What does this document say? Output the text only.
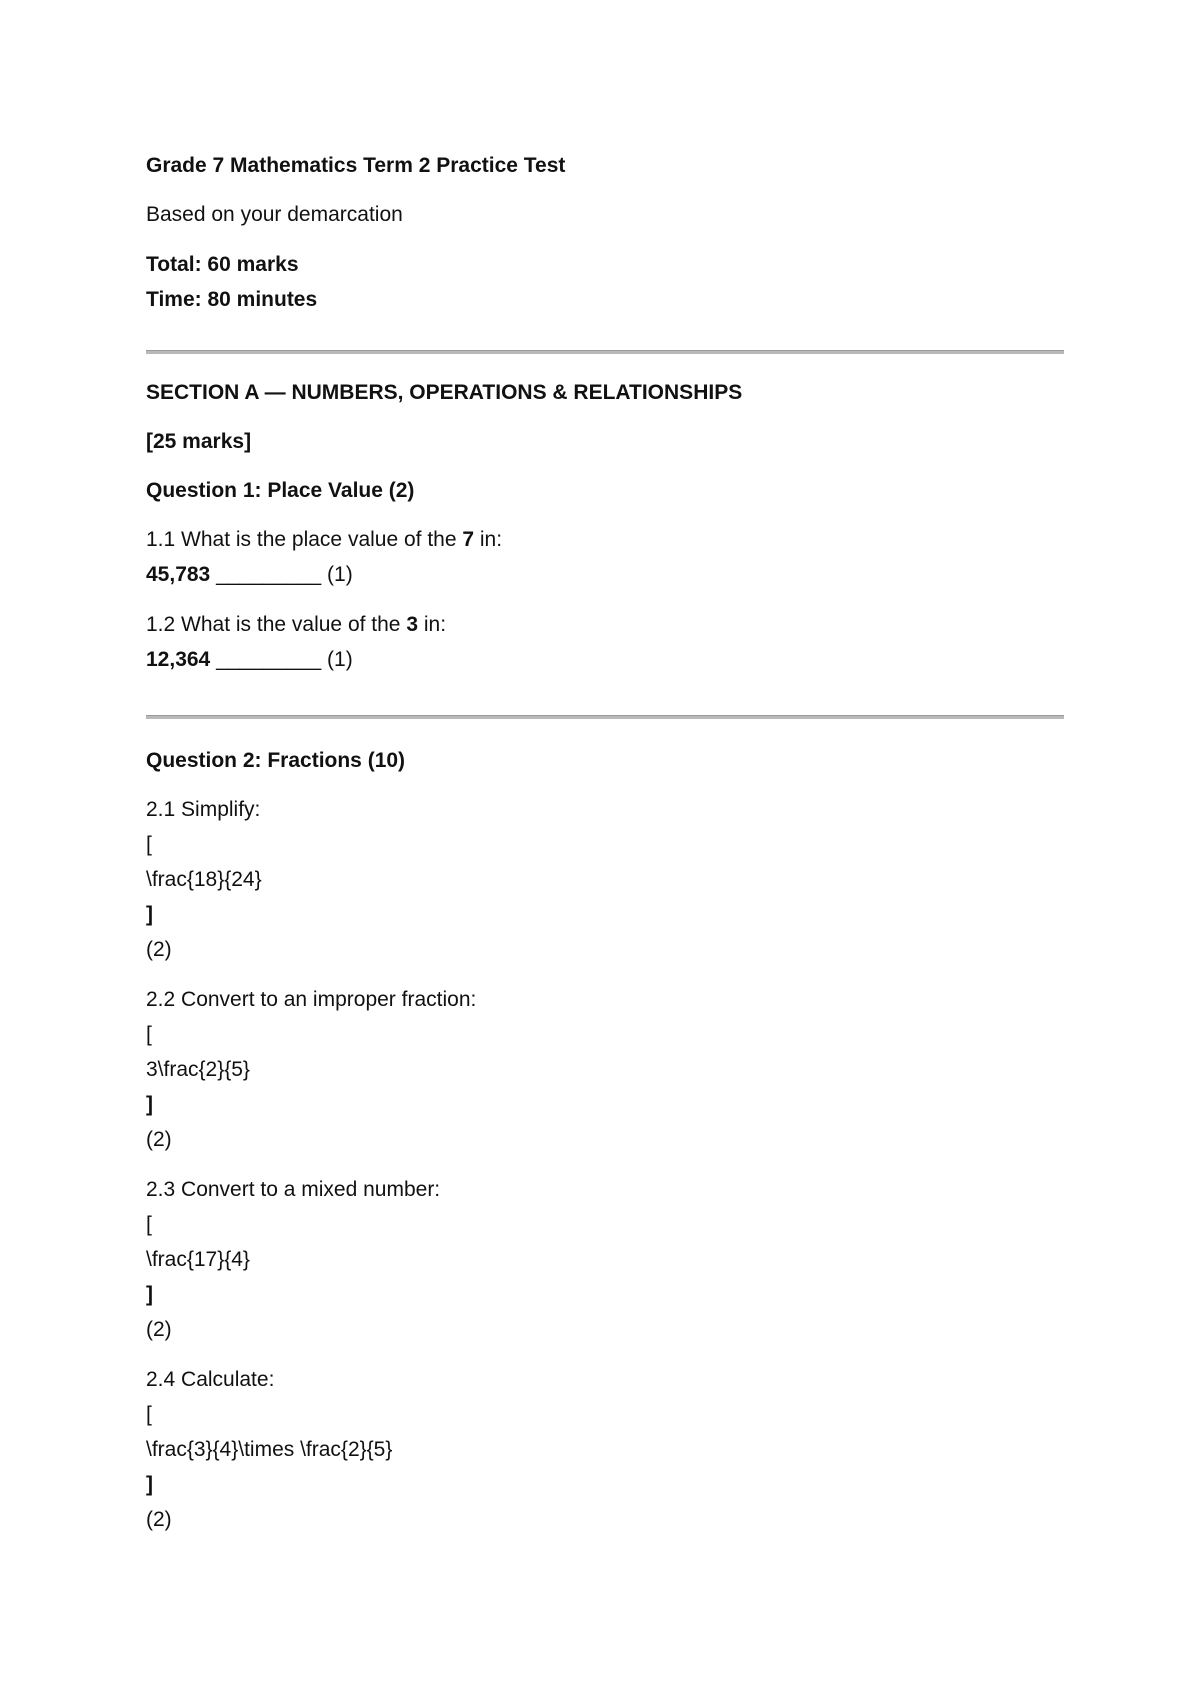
Grade 7 Mathematics Term 2 Practice Test

Based on your demarcation

Total: 60 marks

Time: 80 minutes

SECTION A — NUMBERS, OPERATIONS & RELATIONSHIPS

[25 marks]

Question 1: Place Value (2)

1.1 What is the place value of the 7 in:

45,783 _________ (1)

1.2 What is the value of the 3 in:

12,364 _________ (1)

Question 2: Fractions (10)

2.1 Simplify:

[

\frac{18}{24}

]

(2)

2.2 Convert to an improper fraction:

[

3\frac{2}{5}

]

(2)

2.3 Convert to a mixed number:

[

\frac{17}{4}

]

(2)

2.4 Calculate:

[

\frac{3}{4}\times \frac{2}{5}

]

(2)
